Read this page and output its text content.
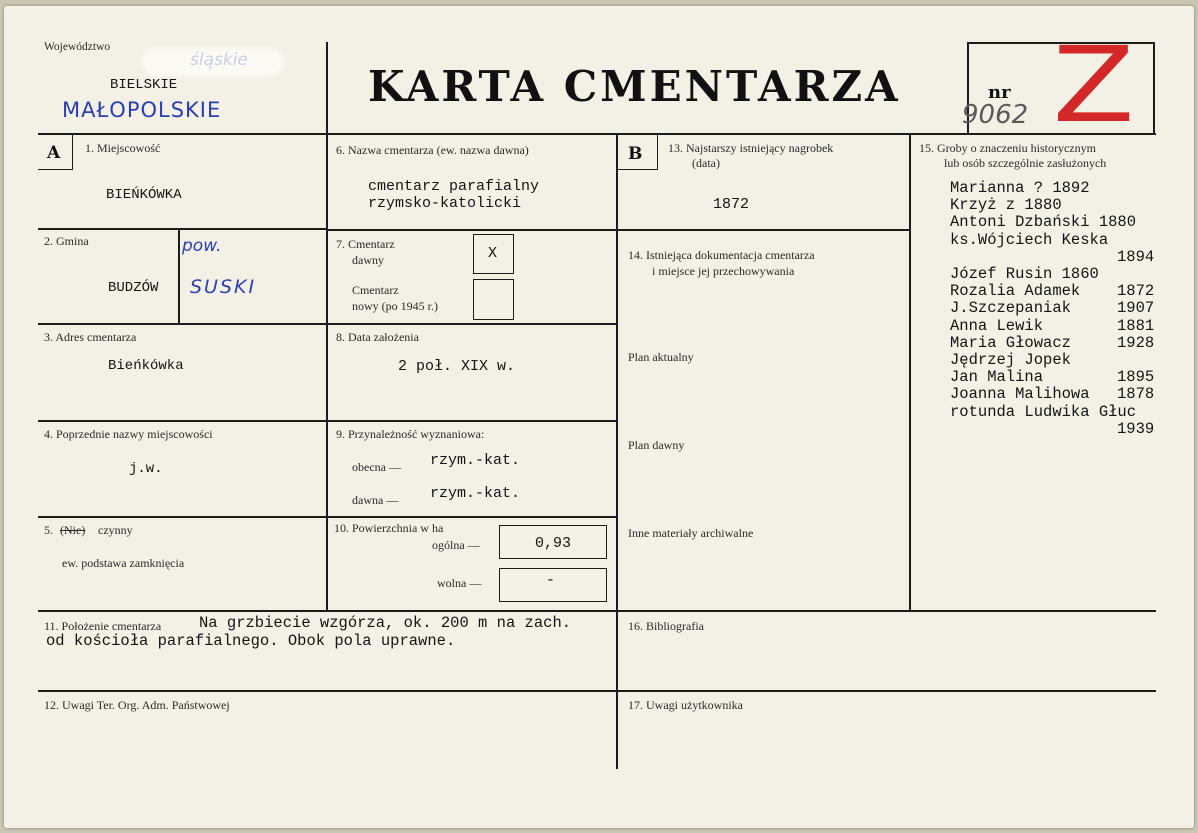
Województwo
śląskie
BIELSKIE
MAŁOPOLSKIE	KARTA CMENTARZA	nr
9062 Z
A 1. Miejscowość
BIEŃKÓWKA
2. Gmina	pow.
BUDZÓW SUSKI
3. Adres cmentarza
Bieńkówka
4. Poprzednie nazwy miejscowości
j.w.
5. (Nie) czynny
ew. podstawa zamknięcia
6. Nazwa cmentarza (ew. nazwa dawna)
cmentarz parafialny
rzymsko-katolicki
7. Cmentarz
dawny	X
Cmentarz
nowy (po 1945 r.)
8. Data założenia
2 poł. XIX w.
9. Przynależność wyznaniowa:
obecna — rzym.-kat.
dawna — rzym.-kat.
10. Powierzchnia w ha
ogólna —	0,93
wolna —	-
B 13. Najstarszy istniejący nagrobek
(data)
1872
14. Istniejąca dokumentacja cmentarza
i miejsce jej przechowywania
Plan aktualny
Plan dawny
Inne materiały archiwalne
15. Groby o znaczeniu historycznym
lub osób szczególnie zasłużonych
Marianna ? 1892
Krzyż z 1880
Antoni Dzbański 1880
ks.Wójciech Keska
1894
Józef Rusin 1860
Rozalia Adamek 1872
J.Szczepaniak	1907
Anna Lewik	1881
Maria Głowacz	1928
Jędrzej Jopek
Jan Malina	1895
Joanna Malihowa 1878
rotunda Ludwika Głuc
1939
11. Położenie cmentarza Na grzbiecie wzgórza, ok. 200 m na zach.
od kościoła parafialnego. Obok pola uprawne.
12. Uwagi Ter. Org. Adm. Państwowej
16. Bibliografia
17. Uwagi użytkownika
